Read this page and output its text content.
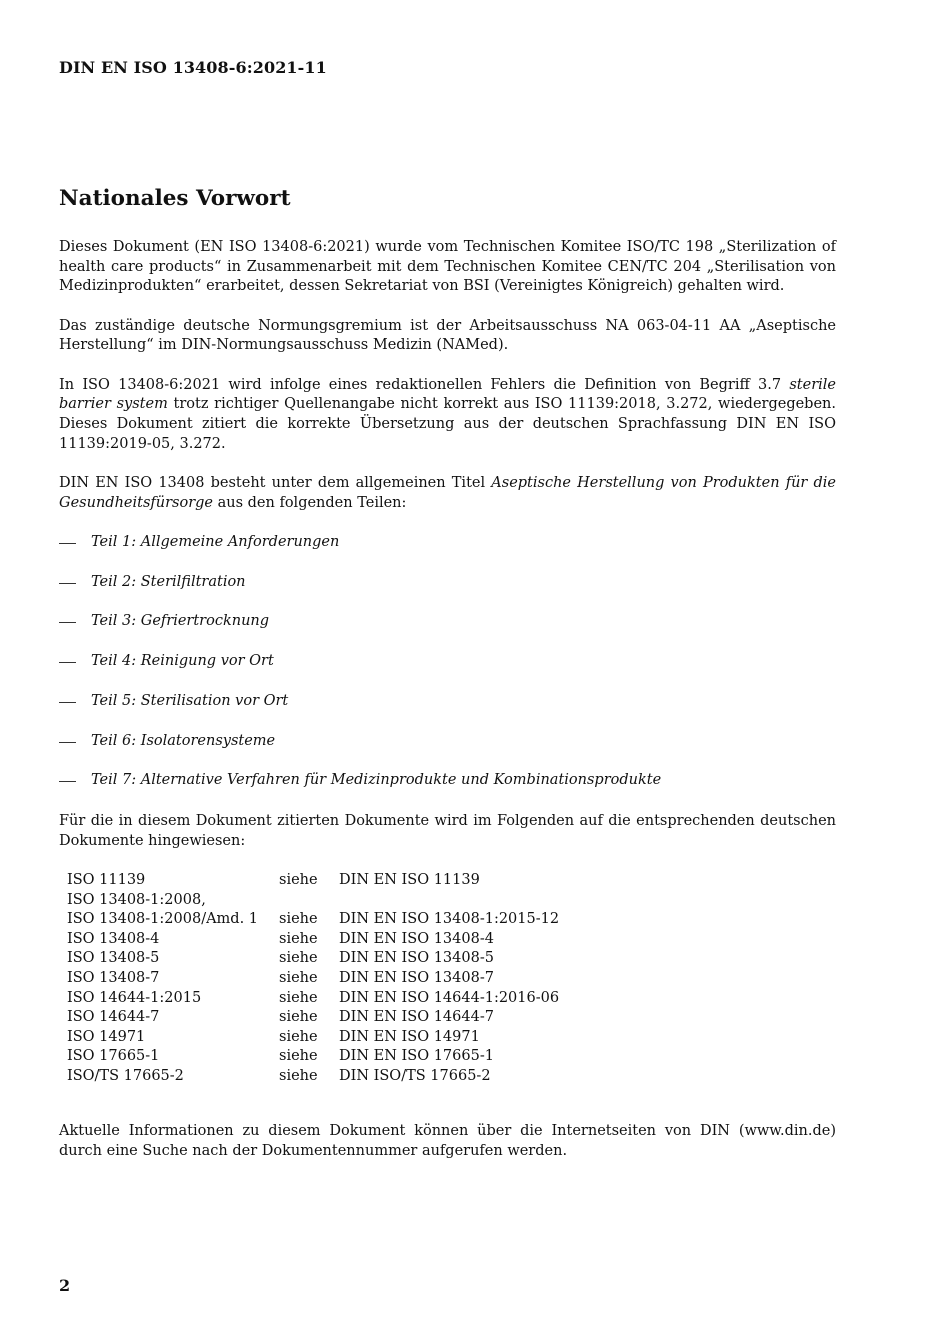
DIN EN ISO 13408-6:2021-11
Nationales Vorwort

Dieses Dokument (EN ISO 13408-6:2021) wurde vom Technischen Komitee ISO/TC 198 „Sterilization of health care products“ in Zusammenarbeit mit dem Technischen Komitee CEN/TC 204 „Sterilisation von Medizinprodukten“ erarbeitet, dessen Sekretariat von BSI (Vereinigtes Königreich) gehalten wird.

Das zuständige deutsche Normungsgremium ist der Arbeitsausschuss NA 063-04-11 AA „Aseptische Herstellung“ im DIN-Normungsausschuss Medizin (NAMed).

In ISO 13408-6:2021 wird infolge eines redaktionellen Fehlers die Definition von Begriff 3.7 sterile barrier system trotz richtiger Quellenangabe nicht korrekt aus ISO 11139:2018, 3.272, wiedergegeben. Dieses Dokument zitiert die korrekte Übersetzung aus der deutschen Sprachfassung DIN EN ISO 11139:2019-05, 3.272.

DIN EN ISO 13408 besteht unter dem allgemeinen Titel Aseptische Herstellung von Produkten für die Gesundheitsfürsorge aus den folgenden Teilen:

Teil 1: Allgemeine Anforderungen
Teil 2: Sterilfiltration
Teil 3: Gefriertrocknung
Teil 4: Reinigung vor Ort
Teil 5: Sterilisation vor Ort
Teil 6: Isolatorensysteme
Teil 7: Alternative Verfahren für Medizinprodukte und Kombinationsprodukte

Für die in diesem Dokument zitierten Dokumente wird im Folgenden auf die entsprechenden deutschen Dokumente hingewiesen:

ISO 11139	siehe	DIN EN ISO 11139
ISO 13408-1:2008,		
ISO 13408-1:2008/Amd. 1	siehe	DIN EN ISO 13408-1:2015-12
ISO 13408-4	siehe	DIN EN ISO 13408-4
ISO 13408-5	siehe	DIN EN ISO 13408-5
ISO 13408-7	siehe	DIN EN ISO 13408-7
ISO 14644-1:2015	siehe	DIN EN ISO 14644-1:2016-06
ISO 14644-7	siehe	DIN EN ISO 14644-7
ISO 14971	siehe	DIN EN ISO 14971
ISO 17665-1	siehe	DIN EN ISO 17665-1
ISO/TS 17665-2	siehe	DIN ISO/TS 17665-2

Aktuelle Informationen zu diesem Dokument können über die Internetseiten von DIN (www.din.de) durch eine Suche nach der Dokumentennummer aufgerufen werden.

2
